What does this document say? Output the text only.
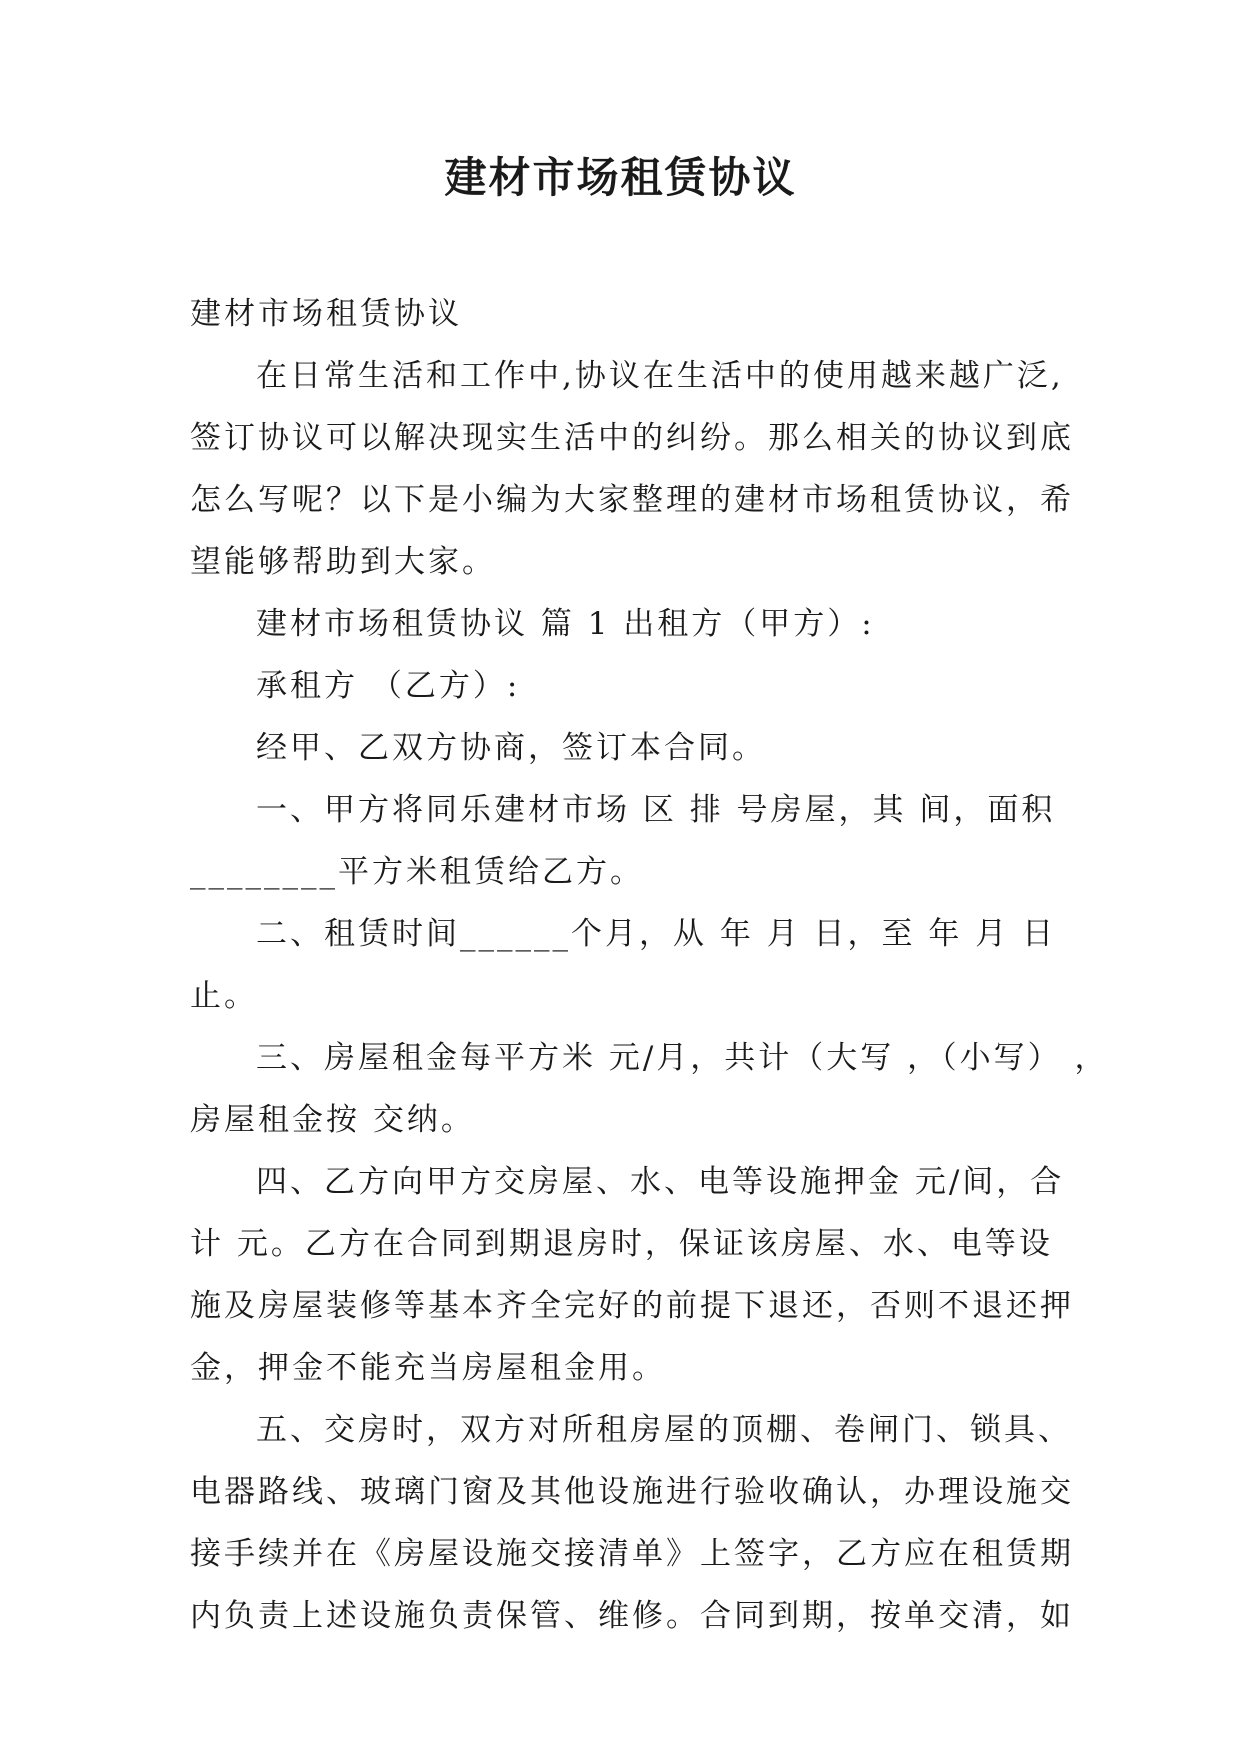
建材市场租赁协议
建材市场租赁协议
在日常生活和工作中,协议在生活中的使用越来越广泛,
签订协议可以解决现实生活中的纠纷。那么相关的协议到底
怎么写呢？以下是小编为大家整理的建材市场租赁协议，希
望能够帮助到大家。
建材市场租赁协议 篇 1 出租方（甲方）:
承租方 （乙方）:
经甲、乙双方协商，签订本合同。
一、甲方将同乐建材市场 区 排 号房屋，其 间，面积
________平方米租赁给乙方。
二、租赁时间______个月，从 年 月 日，至 年 月 日
止。
三、房屋租金每平方米 元/月，共计（大写 ，（小写） ，
房屋租金按 交纳。
四、乙方向甲方交房屋、水、电等设施押金 元/间，合
计 元。乙方在合同到期退房时，保证该房屋、水、电等设
施及房屋装修等基本齐全完好的前提下退还，否则不退还押
金，押金不能充当房屋租金用。
五、交房时，双方对所租房屋的顶棚、卷闸门、锁具、
电器路线、玻璃门窗及其他设施进行验收确认，办理设施交
接手续并在《房屋设施交接清单》上签字，乙方应在租赁期
内负责上述设施负责保管、维修。合同到期，按单交清，如
